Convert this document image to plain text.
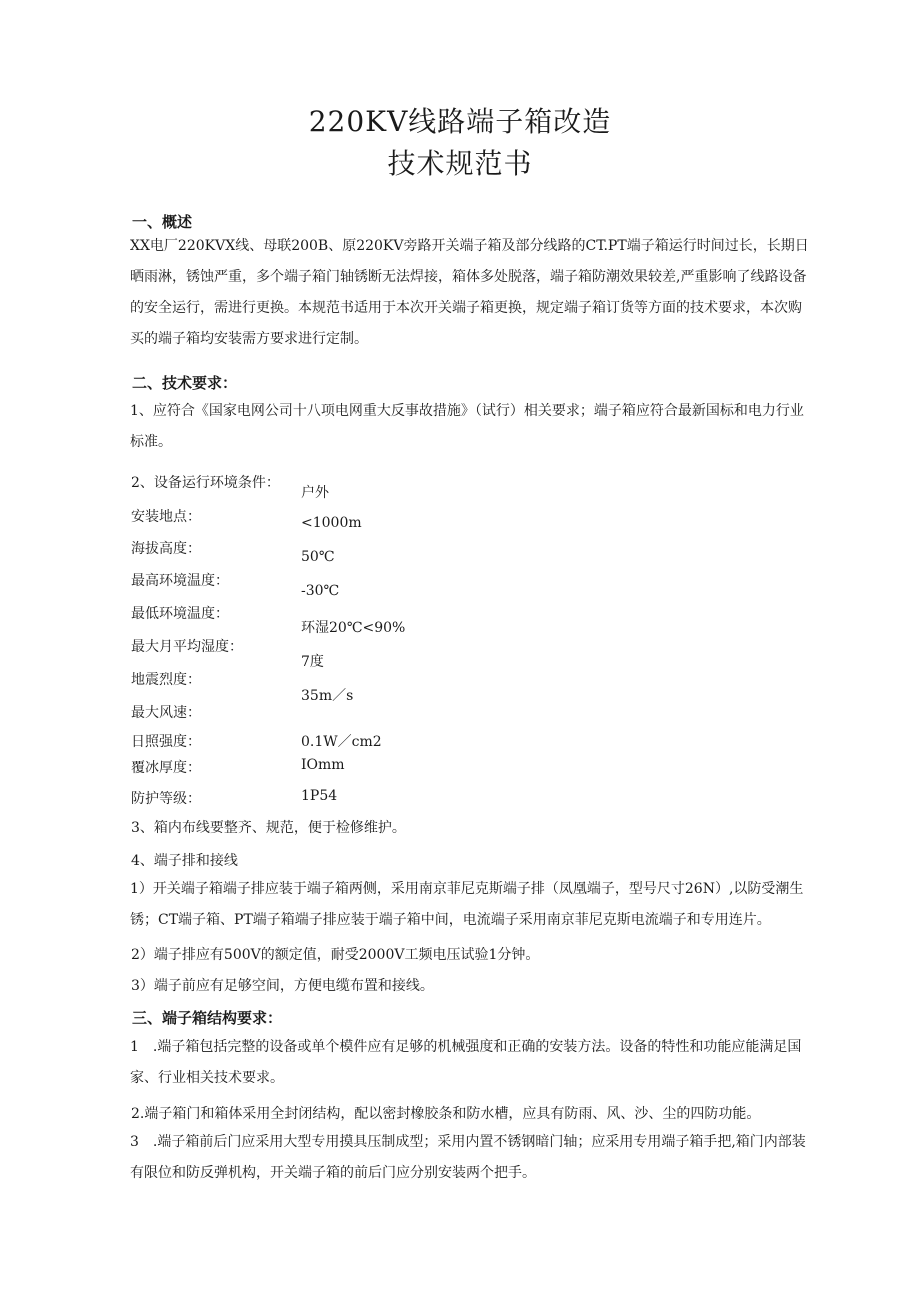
220KV线路端子箱改造
技术规范书
一、概述
XX电厂220KVX线、母联200B、原220KV旁路开关端子箱及部分线路的CT.PT端子箱运行时间过长，长期日晒雨淋，锈蚀严重，多个端子箱门轴锈断无法焊接，箱体多处脱落，端子箱防潮效果较差,严重影响了线路设备的安全运行，需进行更换。本规范书适用于本次开关端子箱更换，规定端子箱订货等方面的技术要求，本次购买的端子箱均安装需方要求进行定制。
二、技术要求：
1、应符合《国家电网公司十八项电网重大反事故措施》（试行）相关要求；端子箱应符合最新国标和电力行业标准。
2、设备运行环境条件：
安装地点：
海拔高度：
最高环境温度：
最低环境温度：
最大月平均湿度：
地震烈度：
最大风速：
日照强度：
覆冰厚度：
防护等级：
户外
<1000m
50℃
-30℃
环湿20℃<90%
7度
35m／s
0.1W／cm2
IOmm
1P54
3、箱内布线要整齐、规范，便于检修维护。
4、端子排和接线
1）开关端子箱端子排应装于端子箱两侧，采用南京菲尼克斯端子排（凤凰端子，型号尺寸26N）,以防受潮生锈；CT端子箱、PT端子箱端子排应装于端子箱中间，电流端子采用南京菲尼克斯电流端子和专用连片。
2）端子排应有500V的额定值，耐受2000V工频电压试验1分钟。
3）端子前应有足够空间，方便电缆布置和接线。
三、端子箱结构要求：
1　.端子箱包括完整的设备或单个模件应有足够的机械强度和正确的安装方法。设备的特性和功能应能满足国家、行业相关技术要求。
2.端子箱门和箱体采用全封闭结构，配以密封橡胶条和防水槽，应具有防雨、风、沙、尘的四防功能。
3　.端子箱前后门应采用大型专用摸具压制成型；采用内置不锈钢暗门轴；应采用专用端子箱手把,箱门内部装有限位和防反弹机构，开关端子箱的前后门应分别安装两个把手。
